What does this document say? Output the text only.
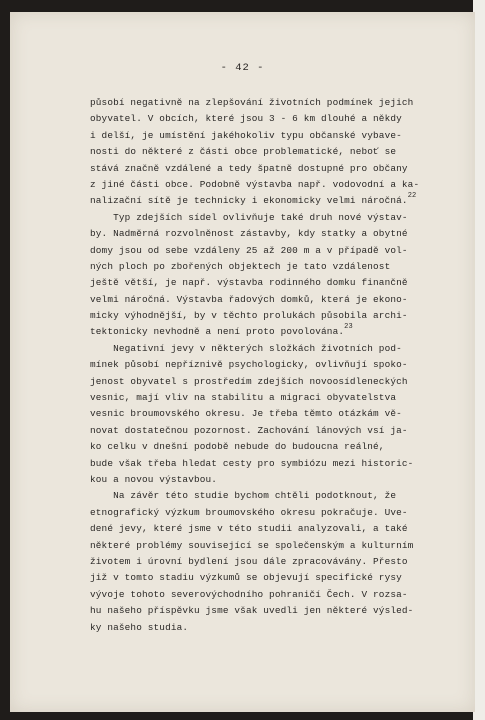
- 42 -
působí negativně na zlepšování životních podmínek jejich
obyvatel. V obcích, které jsou 3 - 6 km dlouhé a někdy
i delší, je umístění jakéhokoliv typu občanské vybave-
nosti do některé z části obce problematické, neboť se
stává značně vzdálené a tedy špatně dostupné pro občany
z jiné části obce. Podobně výstavba např. vodovodní a ka-
nalizační sítě je technicky i ekonomicky velmi náročná.$^{22}$
Typ zdejších sídel ovlivňuje také druh nové výstav-
by. Nadměrná rozvolněnost zástavby, kdy statky a obytné
domy jsou od sebe vzdáleny 25 až 200 m a v případě vol-
ných ploch po zbořených objektech je tato vzdálenost
ještě větší, je např. výstavba rodinného domku finančně
velmi náročná. Výstavba řadových domků, která je ekono-
micky výhodnější, by v těchto prolukách působila archi-
tektonicky nevhodně a není proto povolována.$^{23}$
Negativní jevy v některých složkách životních pod-
mínek působí nepříznivě psychologicky, ovlivňují spoko-
jenost obyvatel s prostředím zdejších novoosídleneckých
vesnic, mají vliv na stabilitu a migraci obyvatelstva
vesnic broumovského okresu. Je třeba těmto otázkám vě-
novat dostatečnou pozornost. Zachování lánových vsí ja-
ko celku v dnešní podobě nebude do budoucna reálné,
bude však třeba hledat cesty pro symbiózu mezi historic-
kou a novou výstavbou.
Na závěr této studie bychom chtěli podotknout, že
etnografický výzkum broumovského okresu pokračuje. Uve-
dené jevy, které jsme v této studii analyzovali, a také
některé problémy související se společenským a kulturním
životem i úrovní bydlení jsou dále zpracovávány. Přesto
již v tomto stadiu výzkumů se objevují specifické rysy
vývoje tohoto severovýchodního pohraničí Čech. V rozsa-
hu našeho příspěvku jsme však uvedli jen některé výsled-
ky našeho studia.
